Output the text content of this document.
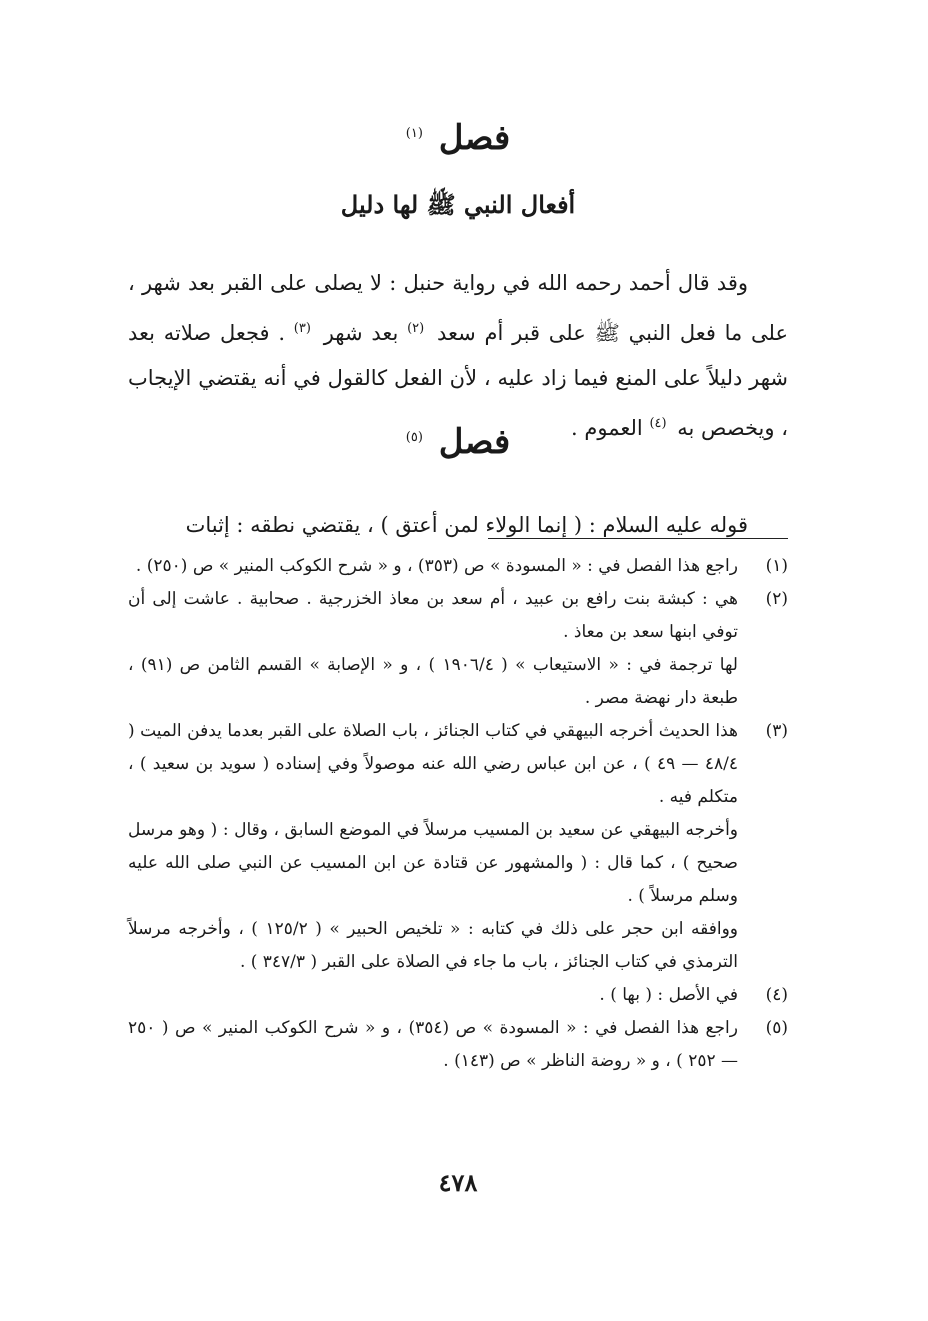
فصل $^{(١)}$
أفعال النبي ﷺ لها دليل

وقد قال أحمد رحمه الله في رواية حنبل : لا يصلى على القبر بعد شهر ، على ما فعل النبي ﷺ على قبر أم سعد $^{(٢)}$ بعد شهر $^{(٣)}$ . فجعل صلاته بعد شهر دليلاً على المنع فيما زاد عليه ، لأن الفعل كالقول في أنه يقتضي الإيجاب ، ويخصص به $^{(٤)}$ العموم .

فصل $^{(٥)}$

قوله عليه السلام : ( إنما الولاء لمن أعتق ) ، يقتضي نطقه : إثبات

(١)

راجع هذا الفصل في : « المسودة » ص (٣٥٣) ، و « شرح الكوكب المنير » ص (٢٥٠) .

(٢)

هي : كبشة بنت رافع بن عبيد ، أم سعد بن معاذ الخزرجية . صحابية . عاشت إلى أن توفي ابنها سعد بن معاذ .

لها ترجمة في : « الاستيعاب » ( ١٩٠٦/٤ ) ، و « الإصابة » القسم الثامن ص (٩١) ، طبعة دار نهضة مصر .

(٣)

هذا الحديث أخرجه البيهقي في كتاب الجنائز ، باب الصلاة على القبر بعدما يدفن الميت ( ٤٨/٤ — ٤٩ ) ، عن ابن عباس رضي الله عنه موصولاً وفي إسناده ( سويد بن سعيد ) ، متكلم فيه .

وأخرجه البيهقي عن سعيد بن المسيب مرسلاً في الموضع السابق ، وقال : ( وهو مرسل صحيح ) ، كما قال : ( والمشهور عن قتادة عن ابن المسيب عن النبي صلى الله عليه وسلم مرسلاً ) .

ووافقه ابن حجر على ذلك في كتابه : « تلخيص الحبير » ( ١٢٥/٢ ) ، وأخرجه مرسلاً الترمذي في كتاب الجنائز ، باب ما جاء في الصلاة على القبر ( ٣٤٧/٣ ) .

(٤)

في الأصل : ( بها ) .

(٥)

راجع هذا الفصل في : « المسودة » ص (٣٥٤) ، و « شرح الكوكب المنير » ص ( ٢٥٠ — ٢٥٢ ) ، و « روضة الناظر » ص (١٤٣) .

٤٧٨
